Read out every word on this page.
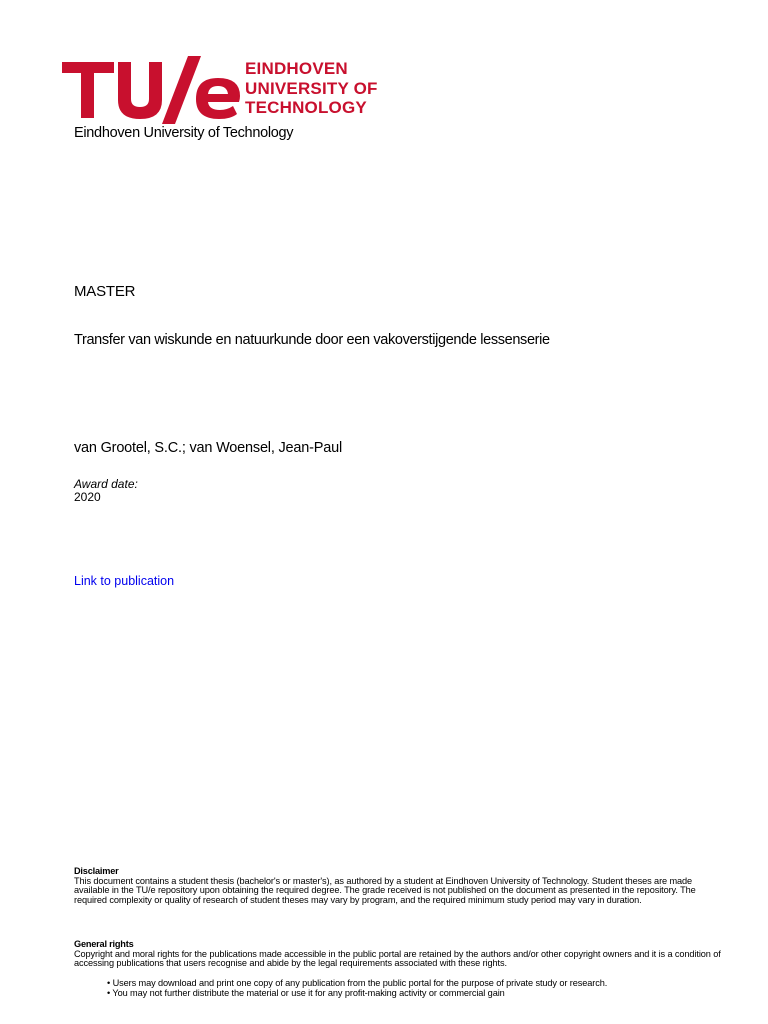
EINDHOVEN
UNIVERSITY OF
TECHNOLOGY
Eindhoven University of Technology
MASTER
Transfer van wiskunde en natuurkunde door een vakoverstijgende lessenserie
van Grootel, S.C.; van Woensel, Jean-Paul
Award date:
2020
Link to publication
Disclaimer
This document contains a student thesis (bachelor's or master's), as authored by a student at Eindhoven University of Technology. Student theses are made available in the TU/e repository upon obtaining the required degree. The grade received is not published on the document as presented in the repository. The required complexity or quality of research of student theses may vary by program, and the required minimum study period may vary in duration.
General rights
Copyright and moral rights for the publications made accessible in the public portal are retained by the authors and/or other copyright owners and it is a condition of accessing publications that users recognise and abide by the legal requirements associated with these rights.
• Users may download and print one copy of any publication from the public portal for the purpose of private study or research.
• You may not further distribute the material or use it for any profit-making activity or commercial gain
